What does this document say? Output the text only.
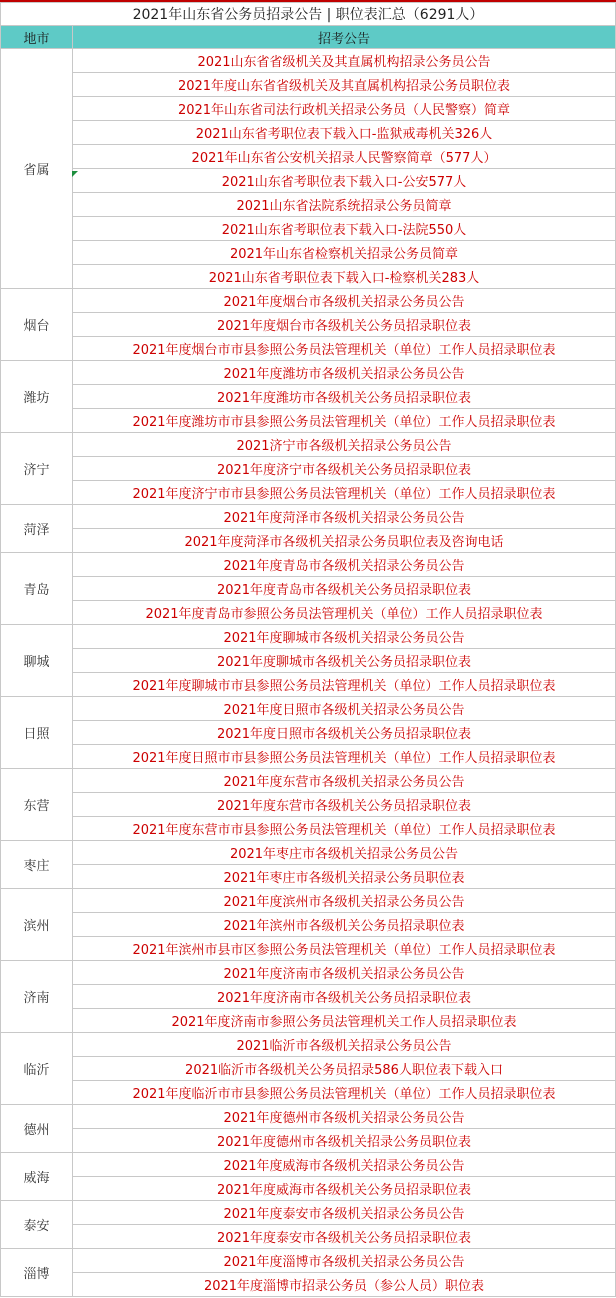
2021年山东省公务员招录公告 | 职位表汇总（6291人）	
地市	招考公告
省属	2021山东省省级机关及其直属机构招录公务员公告
	2021年度山东省省级机关及其直属机构招录公务员职位表
	2021年山东省司法行政机关招录公务员（人民警察）简章
	2021山东省考职位表下载入口-监狱戒毒机关326人
	2021年山东省公安机关招录人民警察简章（577人）
	2021山东省考职位表下载入口-公安577人
	2021山东省法院系统招录公务员简章
	2021山东省考职位表下载入口-法院550人
	2021年山东省检察机关招录公务员简章
	2021山东省考职位表下载入口-检察机关283人
烟台	2021年度烟台市各级机关招录公务员公告
	2021年度烟台市各级机关公务员招录职位表
	2021年度烟台市市县参照公务员法管理机关（单位）工作人员招录职位表
潍坊	2021年度潍坊市各级机关招录公务员公告
	2021年度潍坊市各级机关公务员招录职位表
	2021年度潍坊市市县参照公务员法管理机关（单位）工作人员招录职位表
济宁	2021济宁市各级机关招录公务员公告
	2021年度济宁市各级机关公务员招录职位表
	2021年度济宁市市县参照公务员法管理机关（单位）工作人员招录职位表
菏泽	2021年度菏泽市各级机关招录公务员公告
	2021年度菏泽市各级机关招录公务员职位表及咨询电话
青岛	2021年度青岛市各级机关招录公务员公告
	2021年度青岛市各级机关公务员招录职位表
	2021年度青岛市参照公务员法管理机关（单位）工作人员招录职位表
聊城	2021年度聊城市各级机关招录公务员公告
	2021年度聊城市各级机关公务员招录职位表
	2021年度聊城市市县参照公务员法管理机关（单位）工作人员招录职位表
日照	2021年度日照市各级机关招录公务员公告
	2021年度日照市各级机关公务员招录职位表
	2021年度日照市市县参照公务员法管理机关（单位）工作人员招录职位表
东营	2021年度东营市各级机关招录公务员公告
	2021年度东营市各级机关公务员招录职位表
	2021年度东营市市县参照公务员法管理机关（单位）工作人员招录职位表
枣庄	2021年枣庄市各级机关招录公务员公告
	2021年枣庄市各级机关招录公务员职位表
滨州	2021年度滨州市各级机关招录公务员公告
	2021年滨州市各级机关公务员招录职位表
	2021年滨州市县市区参照公务员法管理机关（单位）工作人员招录职位表
济南	2021年度济南市各级机关招录公务员公告
	2021年度济南市各级机关公务员招录职位表
	2021年度济南市参照公务员法管理机关工作人员招录职位表
临沂	2021临沂市各级机关招录公务员公告
	2021临沂市各级机关公务员招录586人职位表下载入口
	2021年度临沂市市县参照公务员法管理机关（单位）工作人员招录职位表
德州	2021年度德州市各级机关招录公务员公告
	2021年度德州市各级机关招录公务员职位表
威海	2021年度威海市各级机关招录公务员公告
	2021年度威海市各级机关公务员招录职位表
泰安	2021年度泰安市各级机关招录公务员公告
	2021年度泰安市各级机关公务员招录职位表
淄博	2021年度淄博市各级机关招录公务员公告
	2021年度淄博市招录公务员（参公人员）职位表
